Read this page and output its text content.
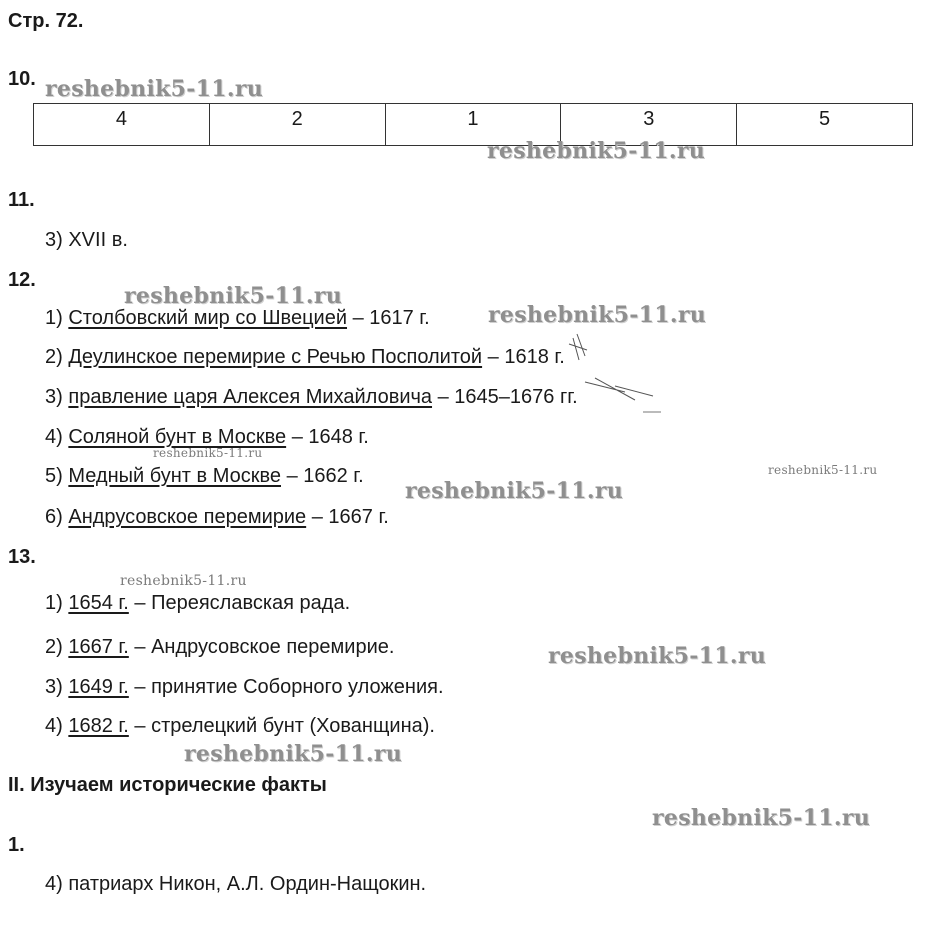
Стр. 72.
10.
4	2	1	3	5
11.
3) XVII в.
12.
1) Столбовский мир со Швецией – 1617 г.
2) Деулинское перемирие с Речью Посполитой – 1618 г.
3) правление царя Алексея Михайловича – 1645–1676 гг.
4) Соляной бунт в Москве – 1648 г.
5) Медный бунт в Москве – 1662 г.
6) Андрусовское перемирие – 1667 г.
13.
1) 1654 г. – Переяславская рада.
2) 1667 г. – Андрусовское перемирие.
3) 1649 г. – принятие Соборного уложения.
4) 1682 г. – стрелецкий бунт (Хованщина).
II. Изучаем исторические факты
1.
4) патриарх Никон, А.Л. Ордин-Нащокин.
reshebnik5-11.ru
reshebnik5-11.ru
reshebnik5-11.ru
reshebnik5-11.ru
reshebnik5-11.ru
reshebnik5-11.ru
reshebnik5-11.ru
reshebnik5-11.ru
reshebnik5-11.ru
reshebnik5-11.ru
reshebnik5-11.ru
